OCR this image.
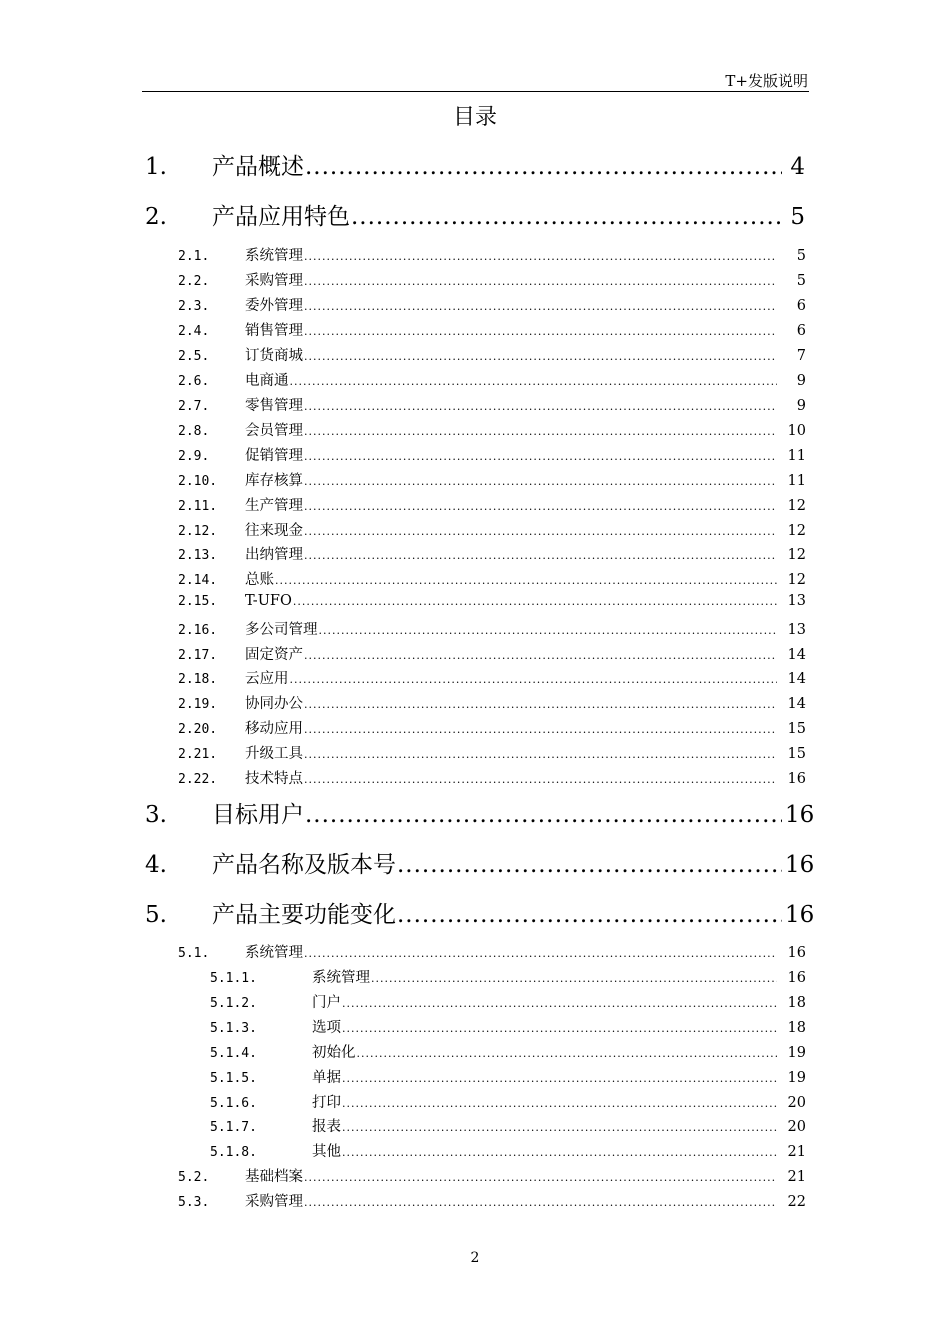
T+发版说明
目录
1.	产品概述 .....	4
2.	产品应用特色 .....	5
2.1.	系统管理 .....	5
2.2.	采购管理 .....	5
2.3.	委外管理 .....	6
2.4.	销售管理 .....	6
2.5.	订货商城 .....	7
2.6.	电商通 .....	9
2.7.	零售管理 .....	9
2.8.	会员管理 .....	10
2.9.	促销管理 .....	11
2.10.	库存核算 .....	11
2.11.	生产管理 .....	12
2.12.	往来现金 .....	12
2.13.	出纳管理 .....	12
2.14.	总账 .....	12
2.15.	T-UFO .....	13
2.16.	多公司管理 .....	13
2.17.	固定资产 .....	14
2.18.	云应用 .....	14
2.19.	协同办公 .....	14
2.20.	移动应用 .....	15
2.21.	升级工具 .....	15
2.22.	技术特点 .....	16
3.	目标用户 .....	16
4.	产品名称及版本号 .....	16
5.	产品主要功能变化 .....	16
5.1.	系统管理 .....	16
5.1.1.	系统管理 .....	16
5.1.2.	门户 .....	18
5.1.3.	选项 .....	18
5.1.4.	初始化 .....	19
5.1.5.	单据 .....	19
5.1.6.	打印 .....	20
5.1.7.	报表 .....	20
5.1.8.	其他 .....	21
5.2.	基础档案 .....	21
5.3.	采购管理 .....	22
2
